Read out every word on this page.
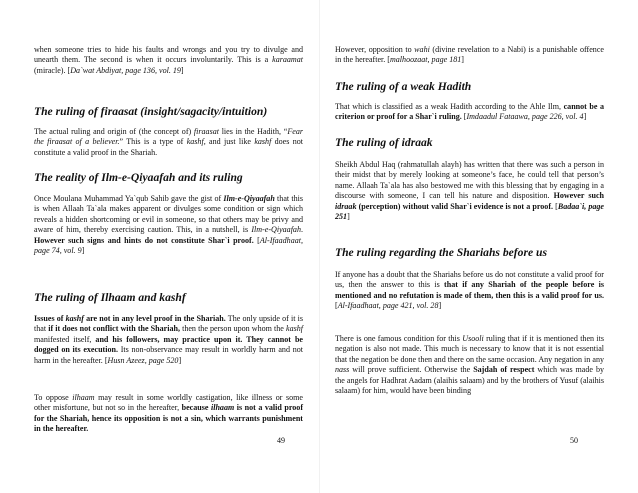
when someone tries to hide his faults and wrongs and you try to divulge and unearth them. The second is when it occurs involuntarily. This is a karaamat (miracle). [Da`wat Abdiyat, page 136, vol. 19]

The ruling of firaasat (insight/sagacity/intuition)

The actual ruling and origin of (the concept of) firaasat lies in the Hadith, “Fear the firaasat of a believer.” This is a type of kashf, and just like kashf does not constitute a valid proof in the Shariah.

The reality of Ilm-e-Qiyaafah and its ruling

Once Moulana Muhammad Ya`qub Sahib gave the gist of Ilm-e-Qiyaafah that this is when Allaah Ta`ala makes apparent or divulges some condition or sign which reveals a hidden shortcoming or evil in someone, so that others may be privy and aware of him, thereby exercising caution. This, in a nutshell, is Ilm-e-Qiyaafah. However such signs and hints do not constitute Shar`i proof. [Al-Ifaadhaat, page 74, vol. 9]

The ruling of Ilhaam and kashf

Issues of kashf are not in any level proof in the Shariah. The only upside of it is that if it does not conflict with the Shariah, then the person upon whom the kashf manifested itself, and his followers, may practice upon it. They cannot be dogged on its execution. Its non-observance may result in worldly harm and not harm in the hereafter. [Husn Azeez, page 520]

To oppose ilhaam may result in some worldly castigation, like illness or some other misfortune, but not so in the hereafter, because ilhaam is not a valid proof for the Shariah, hence its opposition is not a sin, which warrants punishment in the hereafter.

49

However, opposition to wahi (divine revelation to a Nabi) is a punishable offence in the hereafter. [malhoozaat, page 181]

The ruling of a weak Hadith

That which is classified as a weak Hadith according to the Ahle Ilm, cannot be a criterion or proof for a Shar`i ruling. [Imdaadul Fataawa, page 226, vol. 4]

The ruling of idraak

Sheikh Abdul Haq (rahmatullah alayh) has written that there was such a person in their midst that by merely looking at someone’s face, he could tell that person’s name. Allaah Ta`ala has also bestowed me with this blessing that by engaging in a discourse with someone, I can tell his nature and disposition. However such idraak (perception) without valid Shar`i evidence is not a proof. [Badaa`i, page 251]

The ruling regarding the Shariahs before us

If anyone has a doubt that the Shariahs before us do not constitute a valid proof for us, then the answer to this is that if any Shariah of the people before is mentioned and no refutation is made of them, then this is a valid proof for us. [Al-Ifaadhaat, page 421, vol. 28]

There is one famous condition for this Usooli ruling that if it is mentioned then its negation is also not made. This much is necessary to know that it is not essential that the negation be done then and there on the same occasion. Any negation in any nass will prove sufficient. Otherwise the Sajdah of respect which was made by the angels for Hadhrat Aadam (alaihis salaam) and by the brothers of Yusuf (alaihis salaam) for him, would have been binding

50
